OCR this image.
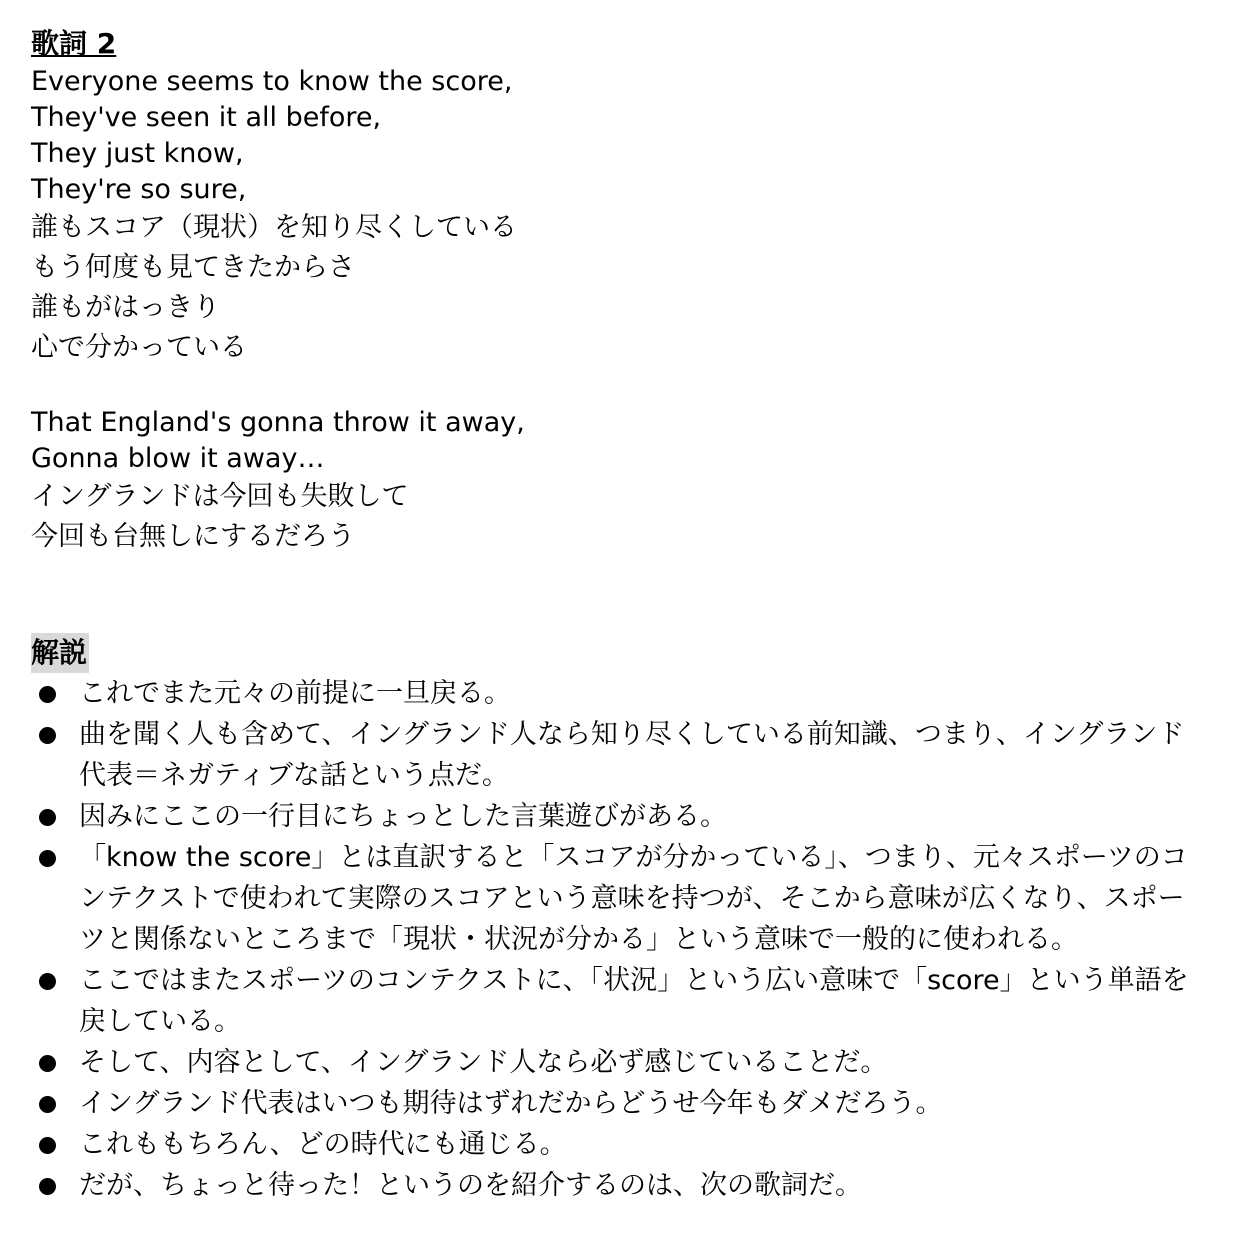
歌詞 2
Everyone seems to know the score,
They've seen it all before,
They just know,
They're so sure,
誰もスコア（現状）を知り尽くしている
もう何度も見てきたからさ
誰もがはっきり
心で分かっている
That England's gonna throw it away,
Gonna blow it away…
イングランドは今回も失敗して
今回も台無しにするだろう
解説
これでまた元々の前提に一旦戻る。
曲を聞く人も含めて、イングランド人なら知り尽くしている前知識、つまり、イングランド代表＝ネガティブな話という点だ。
因みにここの一行目にちょっとした言葉遊びがある。
「know the score」とは直訳すると「スコアが分かっている」、つまり、元々スポーツのコンテクストで使われて実際のスコアという意味を持つが、そこから意味が広くなり、スポーツと関係ないところまで「現状・状況が分かる」という意味で一般的に使われる。
ここではまたスポーツのコンテクストに、「状況」という広い意味で「score」という単語を戻している。
そして、内容として、イングランド人なら必ず感じていることだ。
イングランド代表はいつも期待はずれだからどうせ今年もダメだろう。
これももちろん、どの時代にも通じる。
だが、ちょっと待った！というのを紹介するのは、次の歌詞だ。
